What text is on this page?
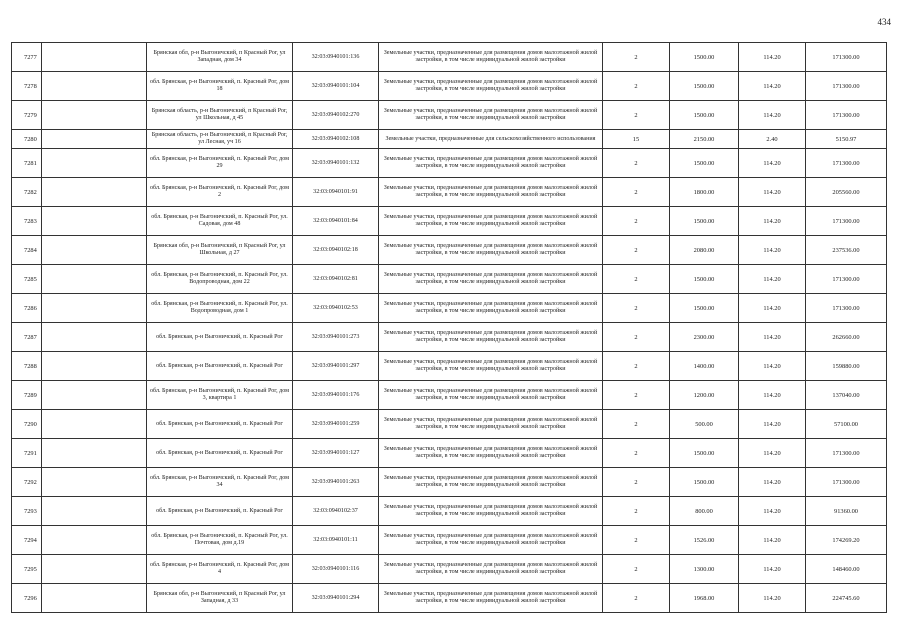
434
7277		Брянская обл, р-н Выгоничский, п Красный Рог, ул Западная, дом 34	32:03:0940101:136	Земельные участки, предназначенные для размещения домов малоэтажной жилой застройки, в том числе индивидуальной жилой застройки	2	1500.00	114.20	171300.00
7278		обл. Брянская, р-н Выгоничский, п. Красный Рог, дом 18	32:03:0940101:104	Земельные участки, предназначенные для размещения домов малоэтажной жилой застройки, в том числе индивидуальной жилой застройки	2	1500.00	114.20	171300.00
7279		Брянская область, р-н Выгоничский, п Красный Рог, ул Школьная, д 45	32:03:0940102:270	Земельные участки, предназначенные для размещения домов малоэтажной жилой застройки, в том числе индивидуальной жилой застройки	2	1500.00	114.20	171300.00
7280		Брянская область, р-н Выгоничский, п Красный Рог, ул Лесная, уч 16	32:03:0940102:108	Земельные участки, предназначенные для сельскохозяйственного использования	15	2150.00	2.40	5150.97
7281		обл. Брянская, р-н Выгоничский, п. Красный Рог, дом 29	32:03:0940101:132	Земельные участки, предназначенные для размещения домов малоэтажной жилой застройки, в том числе индивидуальной жилой застройки	2	1500.00	114.20	171300.00
7282		обл. Брянская, р-н Выгоничский, п. Красный Рог, дом 2	32:03:0940101:91	Земельные участки, предназначенные для размещения домов малоэтажной жилой застройки, в том числе индивидуальной жилой застройки	2	1800.00	114.20	205560.00
7283		обл. Брянская, р-н Выгоничский, п. Красный Рог, ул. Садовая, дом 48	32:03:0940101:84	Земельные участки, предназначенные для размещения домов малоэтажной жилой застройки, в том числе индивидуальной жилой застройки	2	1500.00	114.20	171300.00
7284		Брянская обл, р-н Выгоничский, п Красный Рог, ул Школьная, д 27	32:03:0940102:18	Земельные участки, предназначенные для размещения домов малоэтажной жилой застройки, в том числе индивидуальной жилой застройки	2	2080.00	114.20	237536.00
7285		обл. Брянская, р-н Выгоничский, п. Красный Рог, ул. Водопроводная, дом 22	32:03:0940102:81	Земельные участки, предназначенные для размещения домов малоэтажной жилой застройки, в том числе индивидуальной жилой застройки	2	1500.00	114.20	171300.00
7286		обл. Брянская, р-н Выгоничский, п. Красный Рог, ул. Водопроводная, дом 1	32:03:0940102:53	Земельные участки, предназначенные для размещения домов малоэтажной жилой застройки, в том числе индивидуальной жилой застройки	2	1500.00	114.20	171300.00
7287		обл. Брянская, р-н Выгоничский, п. Красный Рог	32:03:0940101:273	Земельные участки, предназначенные для размещения домов малоэтажной жилой застройки, в том числе индивидуальной жилой застройки	2	2300.00	114.20	262660.00
7288		обл. Брянская, р-н Выгоничский, п. Красный Рог	32:03:0940101:297	Земельные участки, предназначенные для размещения домов малоэтажной жилой застройки, в том числе индивидуальной жилой застройки	2	1400.00	114.20	159880.00
7289		обл. Брянская, р-н Выгоничский, п. Красный Рог, дом 3, квартира 1	32:03:0940101:176	Земельные участки, предназначенные для размещения домов малоэтажной жилой застройки, в том числе индивидуальной жилой застройки	2	1200.00	114.20	137040.00
7290		обл. Брянская, р-н Выгоничский, п. Красный Рог	32:03:0940101:259	Земельные участки, предназначенные для размещения домов малоэтажной жилой застройки, в том числе индивидуальной жилой застройки	2	500.00	114.20	57100.00
7291		обл. Брянская, р-н Выгоничский, п. Красный Рог	32:03:0940101:127	Земельные участки, предназначенные для размещения домов малоэтажной жилой застройки, в том числе индивидуальной жилой застройки	2	1500.00	114.20	171300.00
7292		обл. Брянская, р-н Выгоничский, п. Красный Рог, дом 34	32:03:0940101:263	Земельные участки, предназначенные для размещения домов малоэтажной жилой застройки, в том числе индивидуальной жилой застройки	2	1500.00	114.20	171300.00
7293		обл. Брянская, р-н Выгоничский, п. Красный Рог	32:03:0940102:37	Земельные участки, предназначенные для размещения домов малоэтажной жилой застройки, в том числе индивидуальной жилой застройки	2	800.00	114.20	91360.00
7294		обл. Брянская, р-н Выгоничский, п. Красный Рог, ул. Почтовая, дом д.19	32:03:0940101:11	Земельные участки, предназначенные для размещения домов малоэтажной жилой застройки, в том числе индивидуальной жилой застройки	2	1526.00	114.20	174269.20
7295		обл. Брянская, р-н Выгоничский, п. Красный Рог, дом 4	32:03:0940101:116	Земельные участки, предназначенные для размещения домов малоэтажной жилой застройки, в том числе индивидуальной жилой застройки	2	1300.00	114.20	148460.00
7296		Брянская обл, р-н Выгоничский, п Красный Рог, ул Западная, д 33	32:03:0940101:294	Земельные участки, предназначенные для размещения домов малоэтажной жилой застройки, в том числе индивидуальной жилой застройки	2	1968.00	114.20	224745.60
